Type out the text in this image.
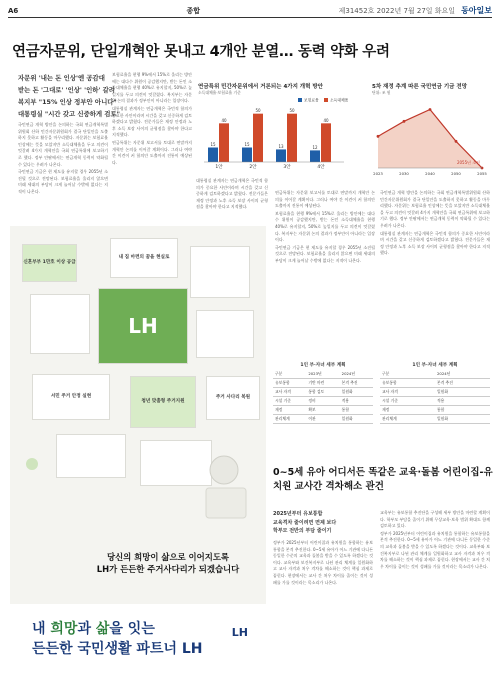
A6	종합	제31452호 2022년 7월 27일 화요일 동아일보
연금자문위, 단일개혁안 못내고 4개안 분열… 동력 약화 우려
자문위 '내는 돈 인상'엔 공감대
받는 돈 '그대로' '인상' '인하' 갈려
복지부 "15% 인상 정부안 아니다"
대통령실 "시간 갖고 신중하게 검토"

국민연금 개혁 방안을 논의하는 국회 연금개혁특별위원회 산하 민간자문위원회가 결국 단일안을 도출하지 못하고 활동을 마무리했다. 자문위는 보험료율 인상에는 뜻을 모았지만 소득대체율을 두고 의견이 엇갈려 4가지 개혁안을 국회 연금특위에 보고하기로 했다. 정부 안팎에서는 연금개혁 동력이 약화될 수 있다는 우려가 나온다.

국민연금 기금은 현 제도를 유지할 경우 2055년 소진될 것으로 전망된다. 보험료율을 올리지 않으면 미래 세대의 부담이 크게 늘어날 수밖에 없다는 지적이 나온다.

보험료율을 현행 9%에서 15%로 올리는 방안에는 대다수 위원이 공감했지만, 받는 돈인 소득대체율을 현행 40%로 유지할지, 50%로 높일지를 두고 의견이 엇갈렸다. 복지부는 자문위 논의 결과가 정부안이 아니라는 입장이다.

대통령실 관계자는 연금개혁은 국민적 합의가 중요한 사안이라며 시간을 갖고 신중하게 검토하겠다고 밝혔다. 전문가들은 재정 안정과 노후 소득 보장 사이의 균형점을 찾아야 한다고 지적했다.

연금특위는 자문위 보고서를 토대로 연말까지 개혁안 논의를 이어갈 계획이다. 그러나 여야 간 이견이 커 합의안 도출까지 진통이 예상된다.

대통령실 관계자는 연금개혁은 국민적 합의가 중요한 사안이라며 시간을 갖고 신중하게 검토하겠다고 밝혔다. 전문가들은 재정 안정과 노후 소득 보장 사이의 균형점을 찾아야 한다고 지적했다.

연금특위 민간자문위에서 거론되는 4가지 개혁 방안
소득대체율·보험료율 기준
15
40
1안
15
50
2안
13
50
3안
12
40
4안
보험료율	소득대체율
5차 재정 추계 따른 국민연금 기금 전망
단위: 조 원
2023	2030	2040	2050	2055
2055년 소진

연금특위는 자문위 보고서를 토대로 연말까지 개혁안 논의를 이어갈 계획이다. 그러나 여야 간 이견이 커 합의안 도출까지 진통이 예상된다.

보험료율을 현행 9%에서 15%로 올리는 방안에는 대다수 위원이 공감했지만, 받는 돈인 소득대체율을 현행 40%로 유지할지, 50%로 높일지를 두고 의견이 엇갈렸다. 복지부는 자문위 논의 결과가 정부안이 아니라는 입장이다.

국민연금 기금은 현 제도를 유지할 경우 2055년 소진될 것으로 전망된다. 보험료율을 올리지 않으면 미래 세대의 부담이 크게 늘어날 수밖에 없다는 지적이 나온다.

국민연금 개혁 방안을 논의하는 국회 연금개혁특별위원회 산하 민간자문위원회가 결국 단일안을 도출하지 못하고 활동을 마무리했다. 자문위는 보험료율 인상에는 뜻을 모았지만 소득대체율을 두고 의견이 엇갈려 4가지 개혁안을 국회 연금특위에 보고하기로 했다. 정부 안팎에서는 연금개혁 동력이 약화될 수 있다는 우려가 나온다.

대통령실 관계자는 연금개혁은 국민적 합의가 중요한 사안이라며 시간을 갖고 신중하게 검토하겠다고 밝혔다. 전문가들은 재정 안정과 노후 소득 보장 사이의 균형점을 찾아야 한다고 지적했다.

신혼부부 1만호 이상 공급
내 집 마련의 꿈을 현실로
LH
서민 주거 안정 실현
청년 맞춤형 주거지원
주거 사다리 복원
당신의 희망이 삶으로 이어지도록
LH가 든든한 주거사다리가 되겠습니다
내 희망과 삶을 잇는
든든한 국민생활 파트너 LH
LH
1인 부·자녀 세부 계획
구분	2023년	2024년
유보통합	기반 마련	본격 추진
교사 자격	통합 검토	일원화
시설 기준	정비	적용
재정	확보	통합
관리체계	이관	일원화
1인 부·자녀 세부 계획
구분	2024년
유보통합	본격 추진
교사 자격	일원화
시설 기준	적용
재정	통합
관리체계	일원화
0~5세 유아 어디서든 똑같은 교육·돌봄 어린이집-유치원 교사간 격차해소 관건
2025년부터 유보통합
교육격차 줄이려면 면제 보다
학부모 전반의 부담 줄이기

정부가 2025년부터 어린이집과 유치원을 통합하는 유보통합을 본격 추진한다. 0~5세 유아가 어느 기관에 다니든 동일한 수준의 교육과 돌봄을 받을 수 있도록 하겠다는 것이다. 교육부와 보건복지부로 나뉜 관리 체계를 일원화하고 교사 자격과 처우 격차를 해소하는 것이 핵심 과제로 꼽힌다. 현장에서는 교사 간 처우 차이를 줄이는 것이 성패를 가를 것이라는 목소리가 나온다.

교육부는 유보통합 추진단을 구성해 세부 방안을 마련할 계획이다. 학부모 부담을 줄이기 위해 무상교육·보육 범위 확대도 함께 검토하고 있다.

정부가 2025년부터 어린이집과 유치원을 통합하는 유보통합을 본격 추진한다. 0~5세 유아가 어느 기관에 다니든 동일한 수준의 교육과 돌봄을 받을 수 있도록 하겠다는 것이다. 교육부와 보건복지부로 나뉜 관리 체계를 일원화하고 교사 자격과 처우 격차를 해소하는 것이 핵심 과제로 꼽힌다. 현장에서는 교사 간 처우 차이를 줄이는 것이 성패를 가를 것이라는 목소리가 나온다.
